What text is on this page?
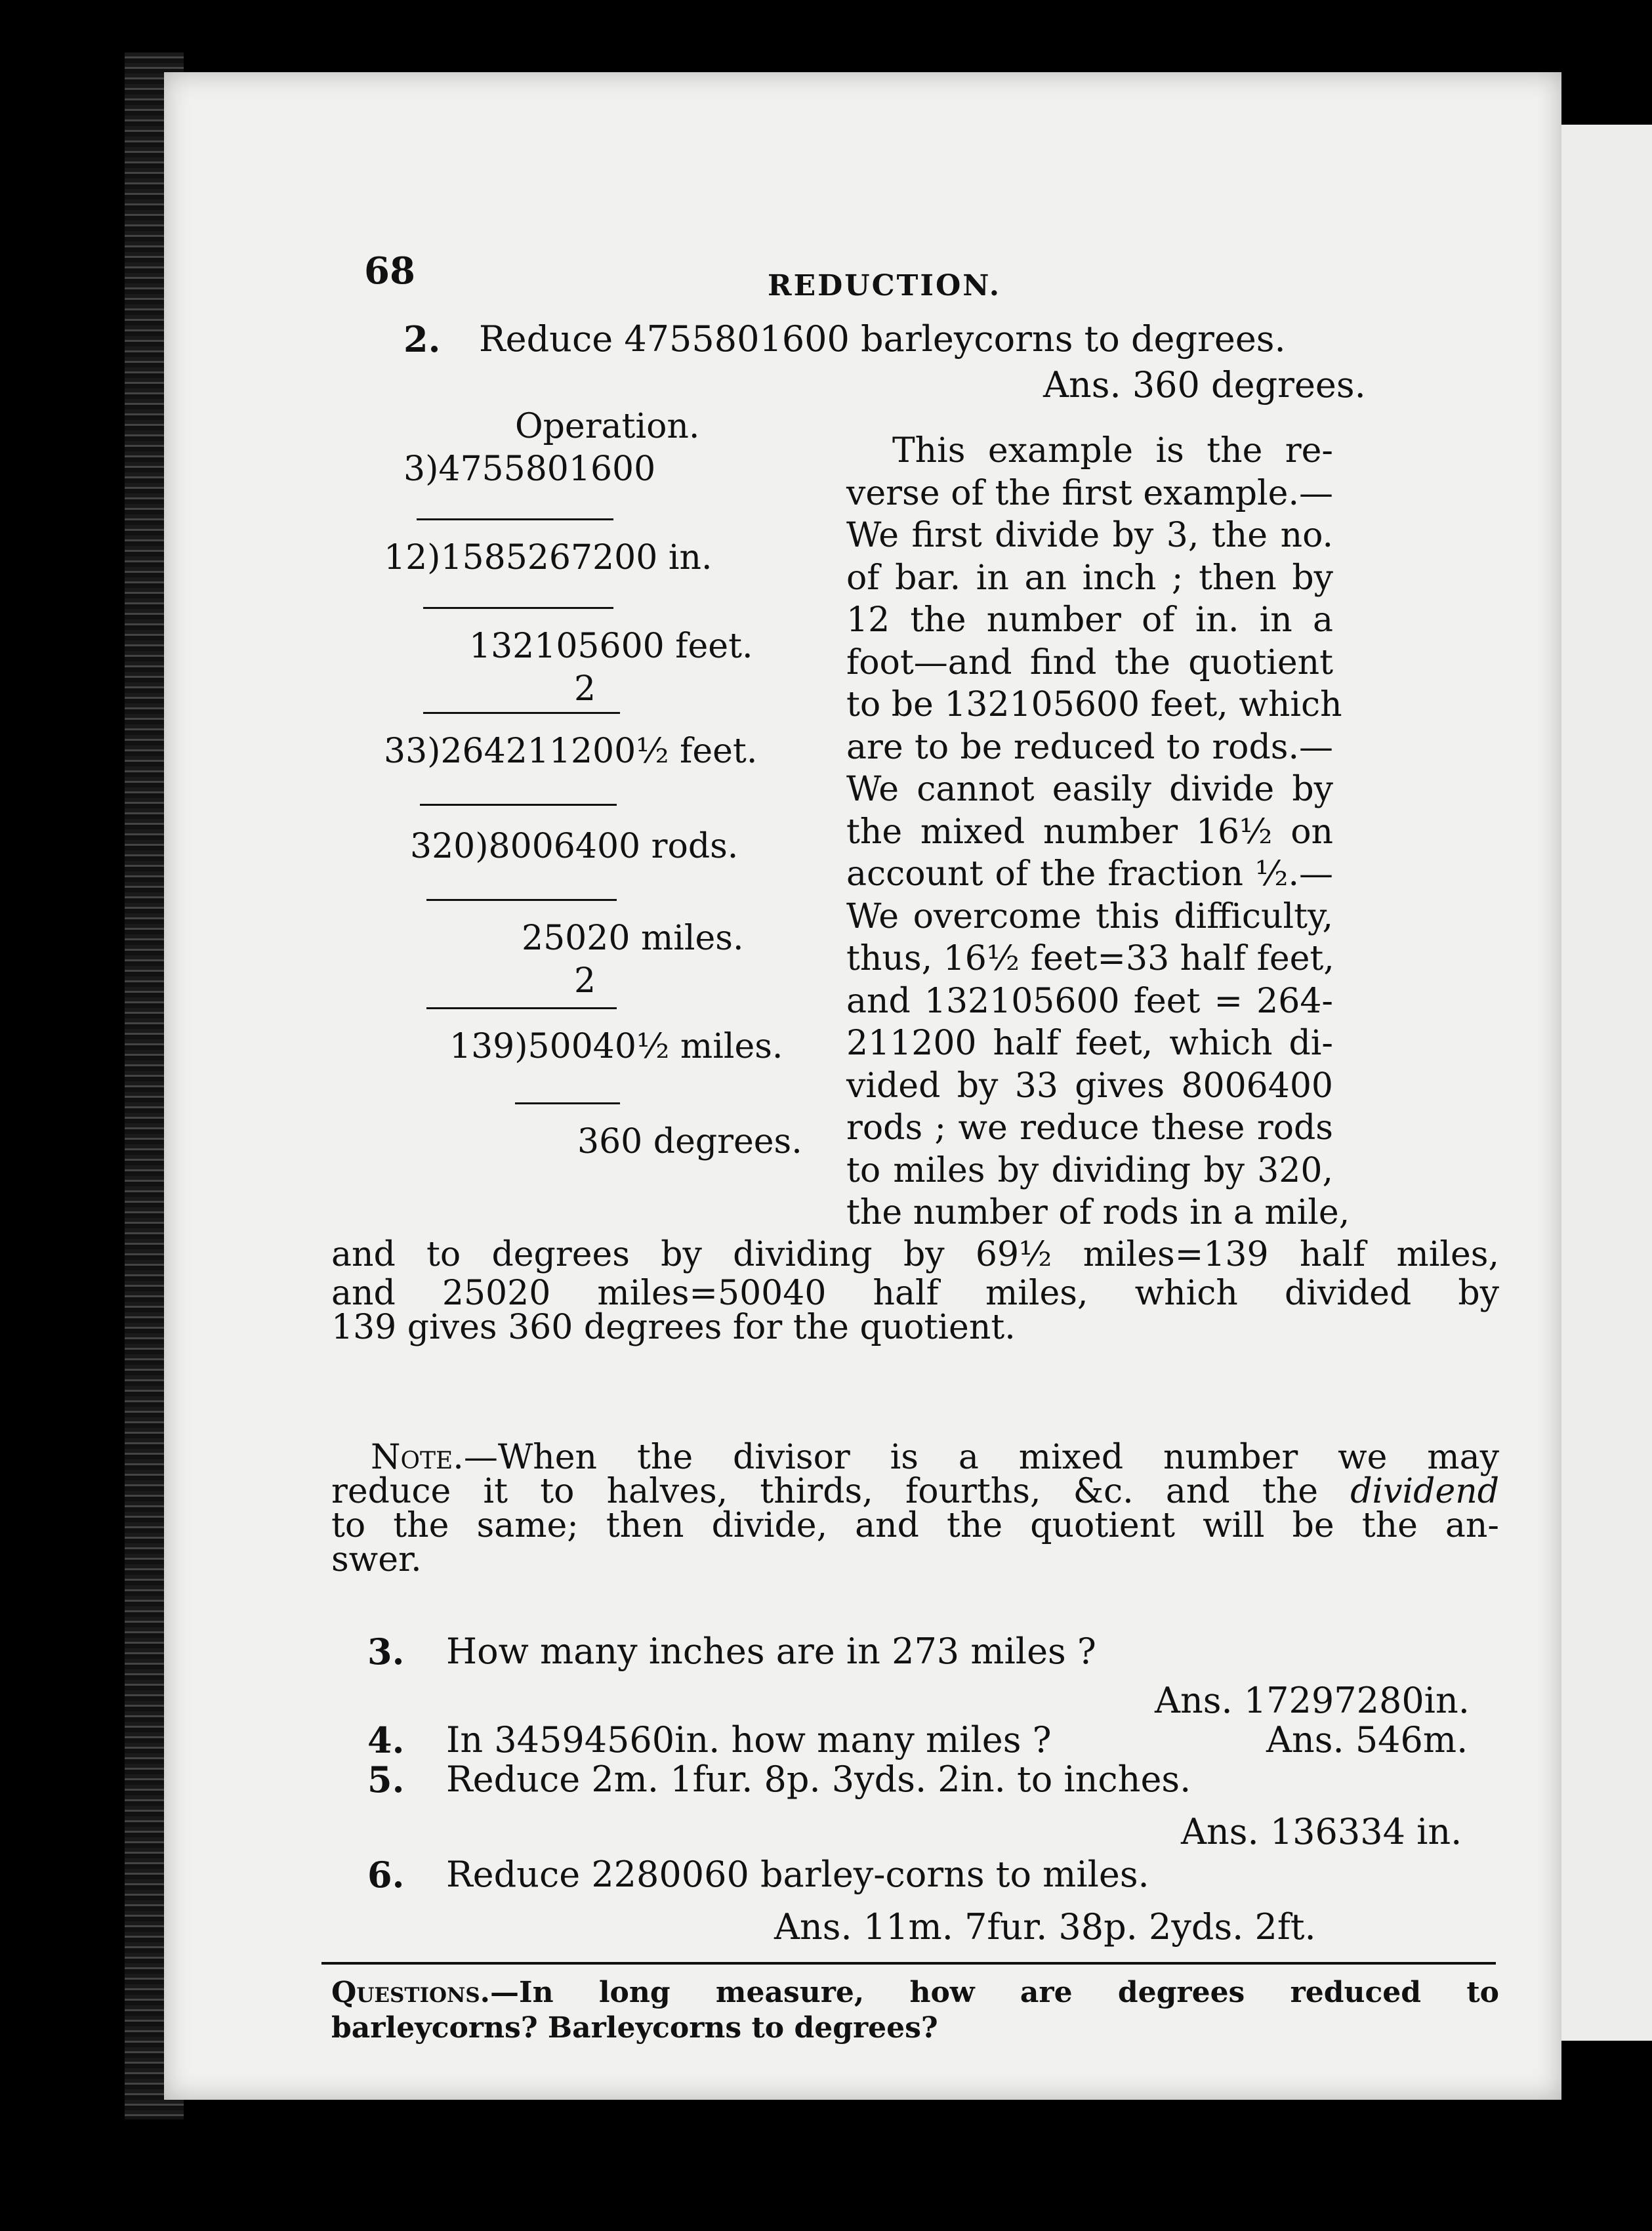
68	REDUCTION.
2. Reduce 4755801600 barleycorns to degrees.
Ans. 360 degrees.
Operation.
3)4755801600
12)1585267200 in.
132105600 feet.
2
33)264211200½ feet.
320)8006400 rods.
25020 miles.
2
139)50040½ miles.
360 degrees.
This example is the re-
verse of the first example.—
We first divide by 3, the no.
of bar. in an inch ; then by
12 the number of in. in a
foot—and find the quotient
to be 132105600 feet, which
are to be reduced to rods.—
We cannot easily divide by
the mixed number 16½ on
account of the fraction ½.—
We overcome this difficulty,
thus, 16½ feet=33 half feet,
and 132105600 feet = 264-
211200 half feet, which di-
vided by 33 gives 8006400
rods ; we reduce these rods
to miles by dividing by 320,
the number of rods in a mile,
and to degrees by dividing by 69½ miles=139 half miles,
and 25020 miles=50040 half miles, which divided by
139 gives 360 degrees for the quotient.
Note.—When the divisor is a mixed number we may
reduce it to halves, thirds, fourths, &c. and the dividend
to the same; then divide, and the quotient will be the an-
swer.
3. How many inches are in 273 miles ?
Ans. 17297280in.
4. In 34594560in. how many miles ?	Ans. 546m.
5. Reduce 2m. 1fur. 8p. 3yds. 2in. to inches.
Ans. 136334 in.
6. Reduce 2280060 barley-corns to miles.
Ans. 11m. 7fur. 38p. 2yds. 2ft.
Questions.—In long measure, how are degrees reduced to
barleycorns? Barleycorns to degrees?
